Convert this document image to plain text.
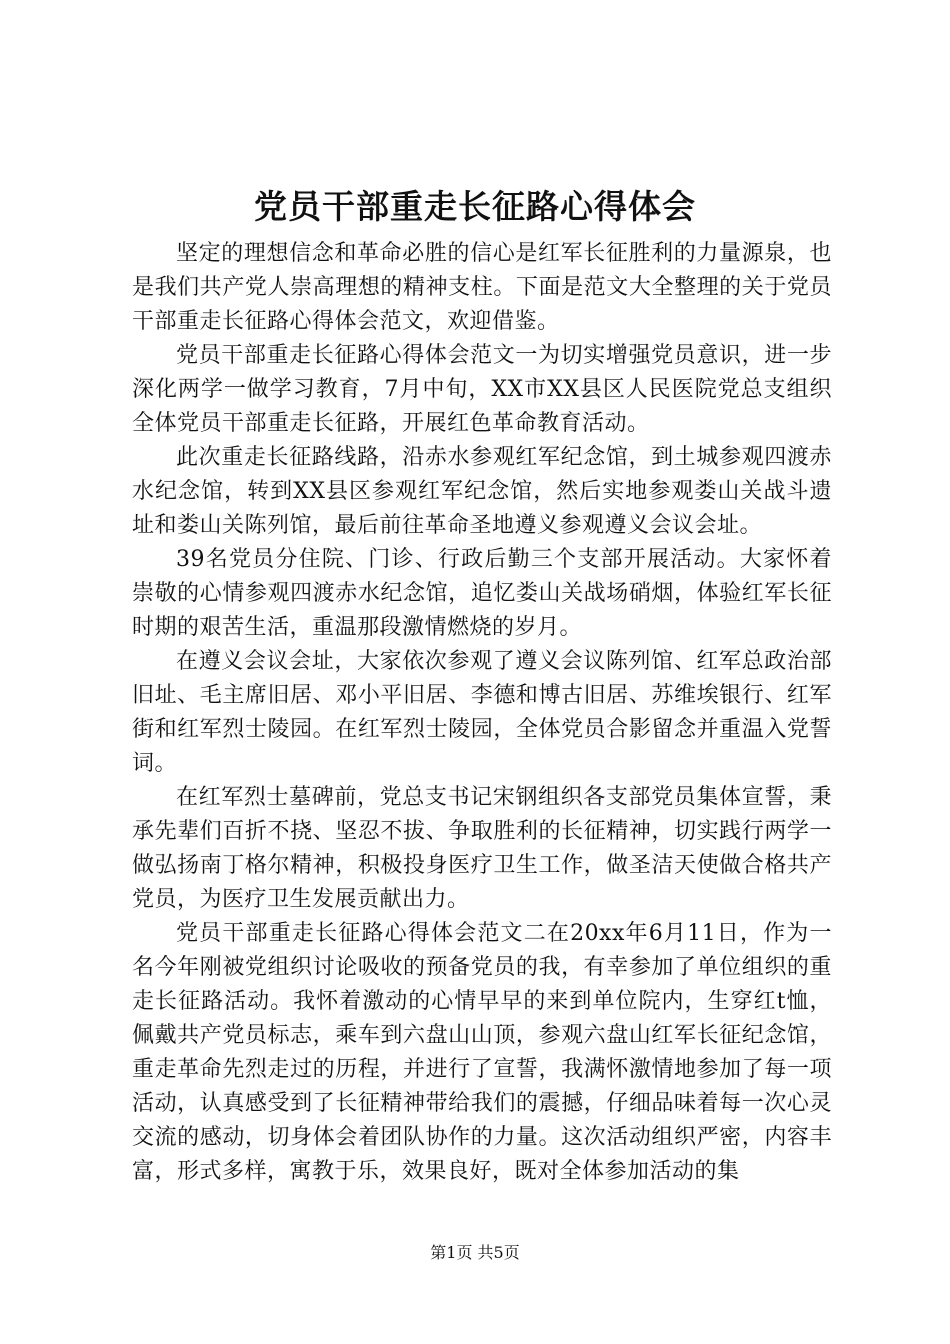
党员干部重走长征路心得体会

坚定的理想信念和革命必胜的信心是红军长征胜利的力量源泉，也是我们共产党人崇高理想的精神支柱。下面是范文大全整理的关于党员干部重走长征路心得体会范文，欢迎借鉴。

党员干部重走长征路心得体会范文一为切实增强党员意识，进一步深化两学一做学习教育，7月中旬，XX市XX县区人民医院党总支组织全体党员干部重走长征路，开展红色革命教育活动。

此次重走长征路线路，沿赤水参观红军纪念馆，到土城参观四渡赤水纪念馆，转到XX县区参观红军纪念馆，然后实地参观娄山关战斗遗址和娄山关陈列馆，最后前往革命圣地遵义参观遵义会议会址。

39名党员分住院、门诊、行政后勤三个支部开展活动。大家怀着崇敬的心情参观四渡赤水纪念馆，追忆娄山关战场硝烟，体验红军长征时期的艰苦生活，重温那段激情燃烧的岁月。

在遵义会议会址，大家依次参观了遵义会议陈列馆、红军总政治部旧址、毛主席旧居、邓小平旧居、李德和博古旧居、苏维埃银行、红军街和红军烈士陵园。在红军烈士陵园，全体党员合影留念并重温入党誓词。

在红军烈士墓碑前，党总支书记宋钢组织各支部党员集体宣誓，秉承先辈们百折不挠、坚忍不拔、争取胜利的长征精神，切实践行两学一做弘扬南丁格尔精神，积极投身医疗卫生工作，做圣洁天使做合格共产党员，为医疗卫生发展贡献出力。

党员干部重走长征路心得体会范文二在20xx年6月11日，作为一名今年刚被党组织讨论吸收的预备党员的我，有幸参加了单位组织的重走长征路活动。我怀着激动的心情早早的来到单位院内，生穿红t恤，佩戴共产党员标志，乘车到六盘山山顶，参观六盘山红军长征纪念馆，重走革命先烈走过的历程，并进行了宣誓，我满怀激情地参加了每一项活动，认真感受到了长征精神带给我们的震撼，仔细品味着每一次心灵交流的感动，切身体会着团队协作的力量。这次活动组织严密，内容丰富，形式多样，寓教于乐，效果良好，既对全体参加活动的集

第1页 共5页
